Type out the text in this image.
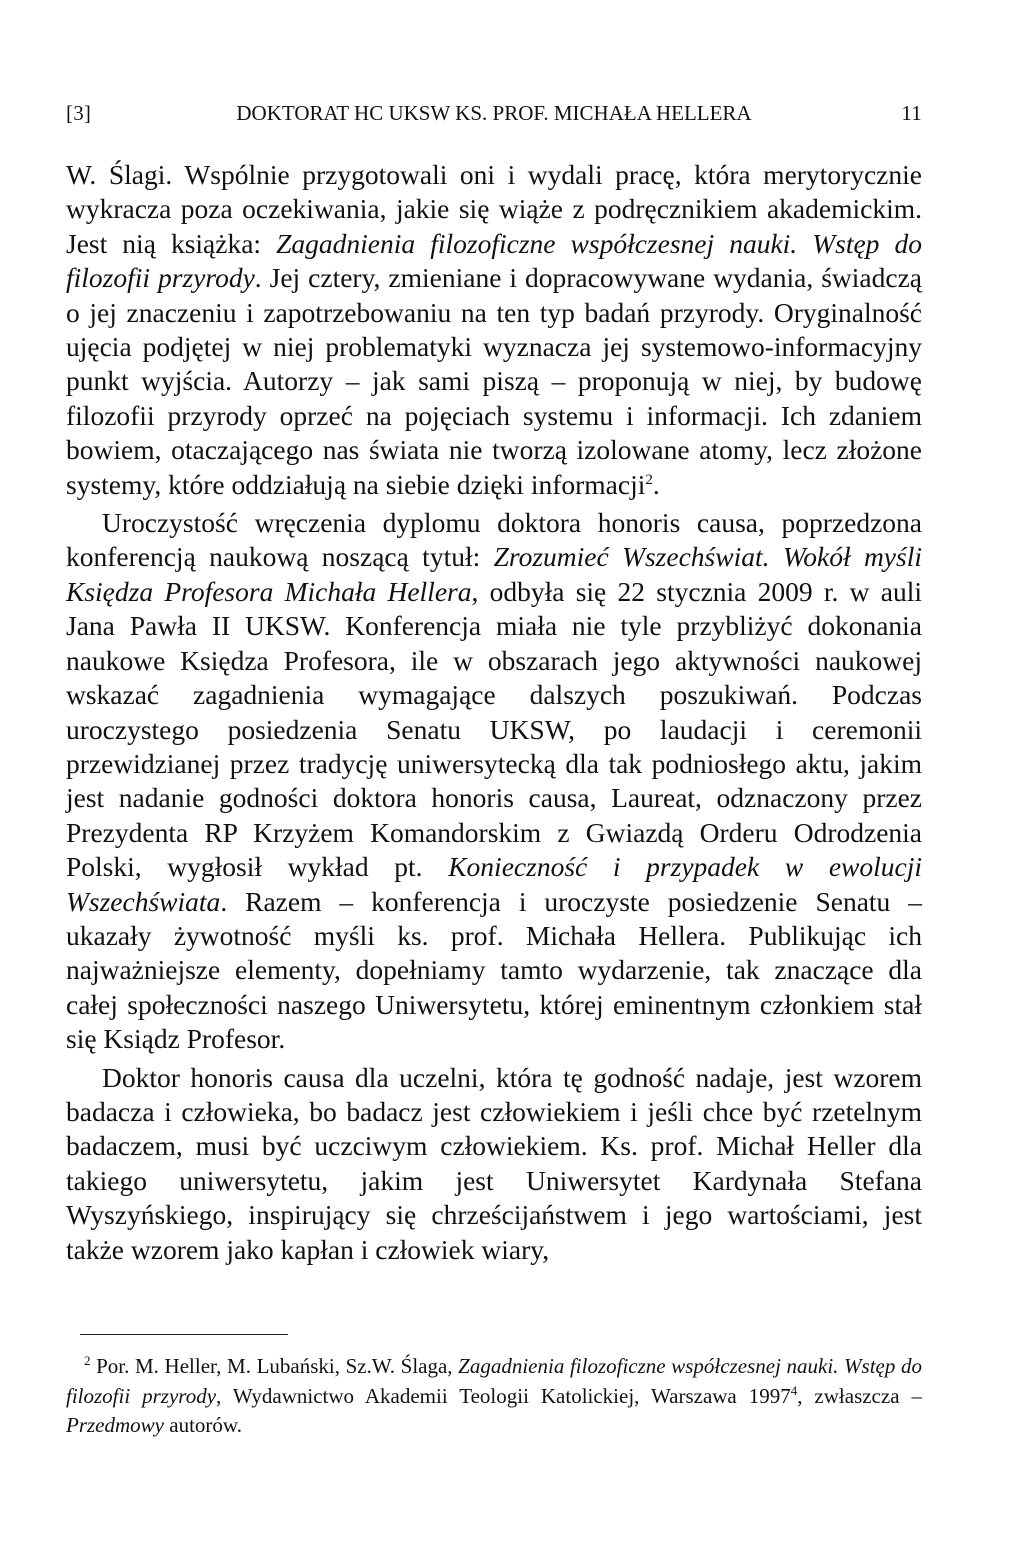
[3]	DOKTORAT HC UKSW KS. PROF. MICHAŁA HELLERA	11

W. Ślagi. Wspólnie przygotowali oni i wydali pracę, która merytorycznie wykracza poza oczekiwania, jakie się wiąże z podręcznikiem akademickim. Jest nią książka: Zagadnienia filozoficzne współczesnej nauki. Wstęp do filozofii przyrody. Jej cztery, zmieniane i dopracowywane wydania, świadczą o jej znaczeniu i zapotrzebowaniu na ten typ badań przyrody. Oryginalność ujęcia podjętej w niej problematyki wyznacza jej systemowo-informacyjny punkt wyjścia. Autorzy – jak sami piszą – proponują w niej, by budowę filozofii przyrody oprzeć na pojęciach systemu i informacji. Ich zdaniem bowiem, otaczającego nas świata nie tworzą izolowane atomy, lecz złożone systemy, które oddziałują na siebie dzięki informacji$^2$.

Uroczystość wręczenia dyplomu doktora honoris causa, poprzedzona konferencją naukową noszącą tytuł: Zrozumieć Wszechświat. Wokół myśli Księdza Profesora Michała Hellera, odbyła się 22 stycznia 2009 r. w auli Jana Pawła II UKSW. Konferencja miała nie tyle przybliżyć dokonania naukowe Księdza Profesora, ile w obszarach jego aktywności naukowej wskazać zagadnienia wymagające dalszych poszukiwań. Podczas uroczystego posiedzenia Senatu UKSW, po laudacji i ceremonii przewidzianej przez tradycję uniwersytecką dla tak podniosłego aktu, jakim jest nadanie godności doktora honoris causa, Laureat, odznaczony przez Prezydenta RP Krzyżem Komandorskim z Gwiazdą Orderu Odrodzenia Polski, wygłosił wykład pt. Konieczność i przypadek w ewolucji Wszechświata. Razem – konferencja i uroczyste posiedzenie Senatu – ukazały żywotność myśli ks. prof. Michała Hellera. Publikując ich najważniejsze elementy, dopełniamy tamto wydarzenie, tak znaczące dla całej społeczności naszego Uniwersytetu, której eminentnym członkiem stał się Ksiądz Profesor.

Doktor honoris causa dla uczelni, która tę godność nadaje, jest wzorem badacza i człowieka, bo badacz jest człowiekiem i jeśli chce być rzetelnym badaczem, musi być uczciwym człowiekiem. Ks. prof. Michał Heller dla takiego uniwersytetu, jakim jest Uniwersytet Kardynała Stefana Wyszyńskiego, inspirujący się chrześcijaństwem i jego wartościami, jest także wzorem jako kapłan i człowiek wiary,

$^2$ Por. M. Heller, M. Lubański, Sz.W. Ślaga, Zagadnienia filozoficzne współczesnej nauki. Wstęp do filozofii przyrody, Wydawnictwo Akademii Teologii Katolickiej, Warszawa 1997$^4$, zwłaszcza – Przedmowy autorów.
